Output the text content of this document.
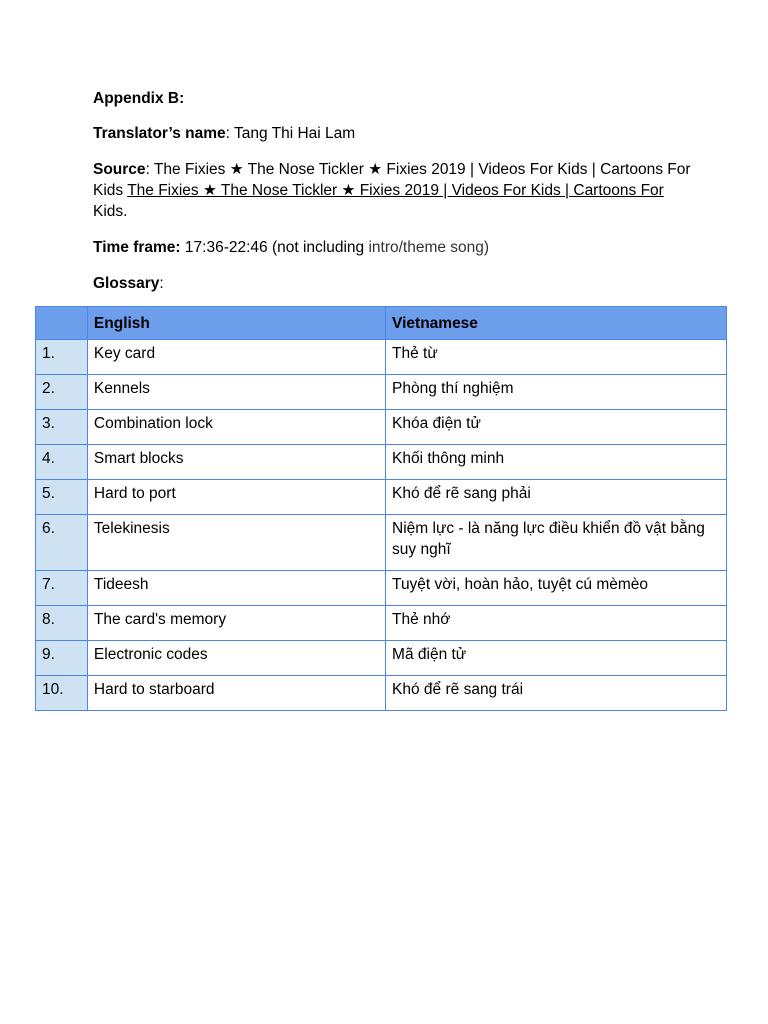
Appendix B:

Translator’s name: Tang Thi Hai Lam

Source: The Fixies ★ The Nose Tickler ★ Fixies 2019 | Videos For Kids | Cartoons For Kids The Fixies ★ The Nose Tickler ★ Fixies 2019 | Videos For Kids | Cartoons For Kids.

Time frame: 17:36-22:46 (not including intro/theme song)

Glossary:

	English	Vietnamese
1.	Key card	Thẻ từ
2.	Kennels	Phòng thí nghiệm
3.	Combination lock	Khóa điện tử
4.	Smart blocks	Khối thông minh
5.	Hard to port	Khó để rẽ sang phải
6.	Telekinesis	Niệm lực - là năng lực điều khiển đồ vật bằng suy nghĩ
7.	Tideesh	Tuyệt vời, hoàn hảo, tuyệt cú mèmèo
8.	The card's memory	Thẻ nhớ
9.	Electronic codes	Mã điện tử
10.	Hard to starboard	Khó để rẽ sang trái
